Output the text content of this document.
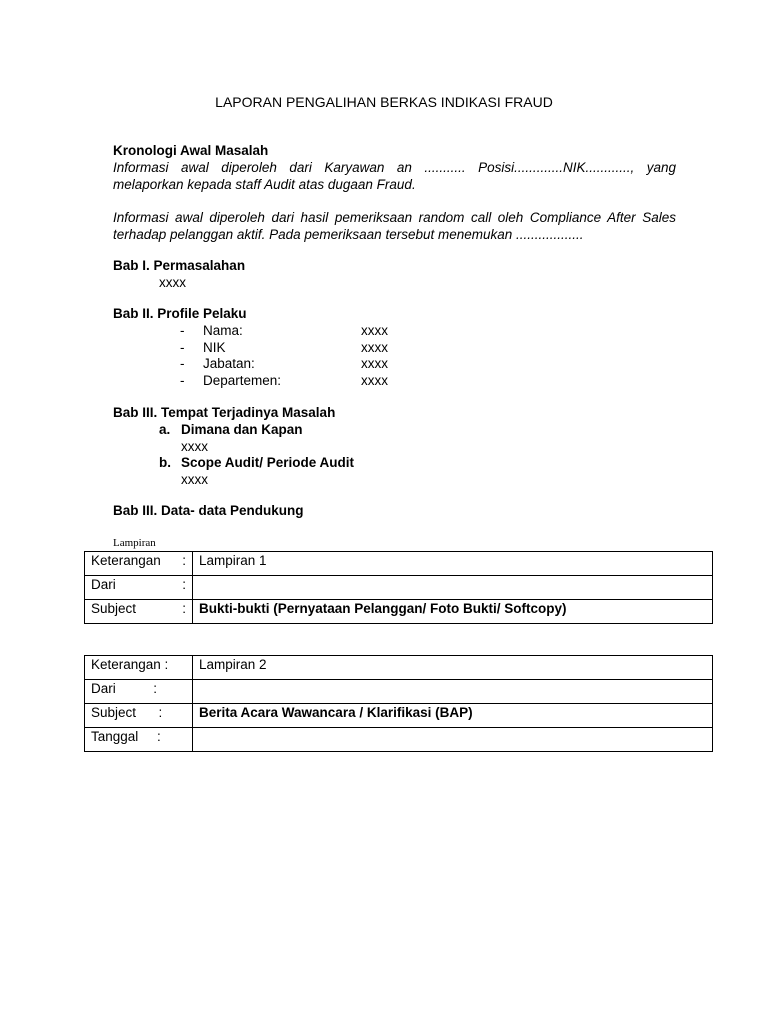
LAPORAN PENGALIHAN BERKAS INDIKASI FRAUD
Kronologi Awal Masalah
Informasi awal diperoleh dari Karyawan an ........... Posisi.............NIK............, yang melaporkan kepada staff Audit atas dugaan Fraud.
Informasi awal diperoleh dari hasil pemeriksaan random call oleh Compliance After Sales terhadap pelanggan aktif. Pada pemeriksaan tersebut menemukan ..................
Bab I. Permasalahan
xxxx
Bab II. Profile Pelaku
- Nama:	xxxx
- NIK	xxxx
- Jabatan:	xxxx
- Departemen:	xxxx
Bab III. Tempat Terjadinya Masalah
a. Dimana dan Kapan
xxxx
b. Scope Audit/ Periode Audit
xxxx
Bab III. Data- data Pendukung
Lampiran
Keterangan :	Lampiran 1
Dari :	

Subject :	Bukti-bukti (Pernyataan Pelanggan/ Foto Bukti/ Softcopy)
Keterangan :	Lampiran 2
Dari          :	
Subject      :	Berita Acara Wawancara / Klarifikasi (BAP)
Tanggal     :	
